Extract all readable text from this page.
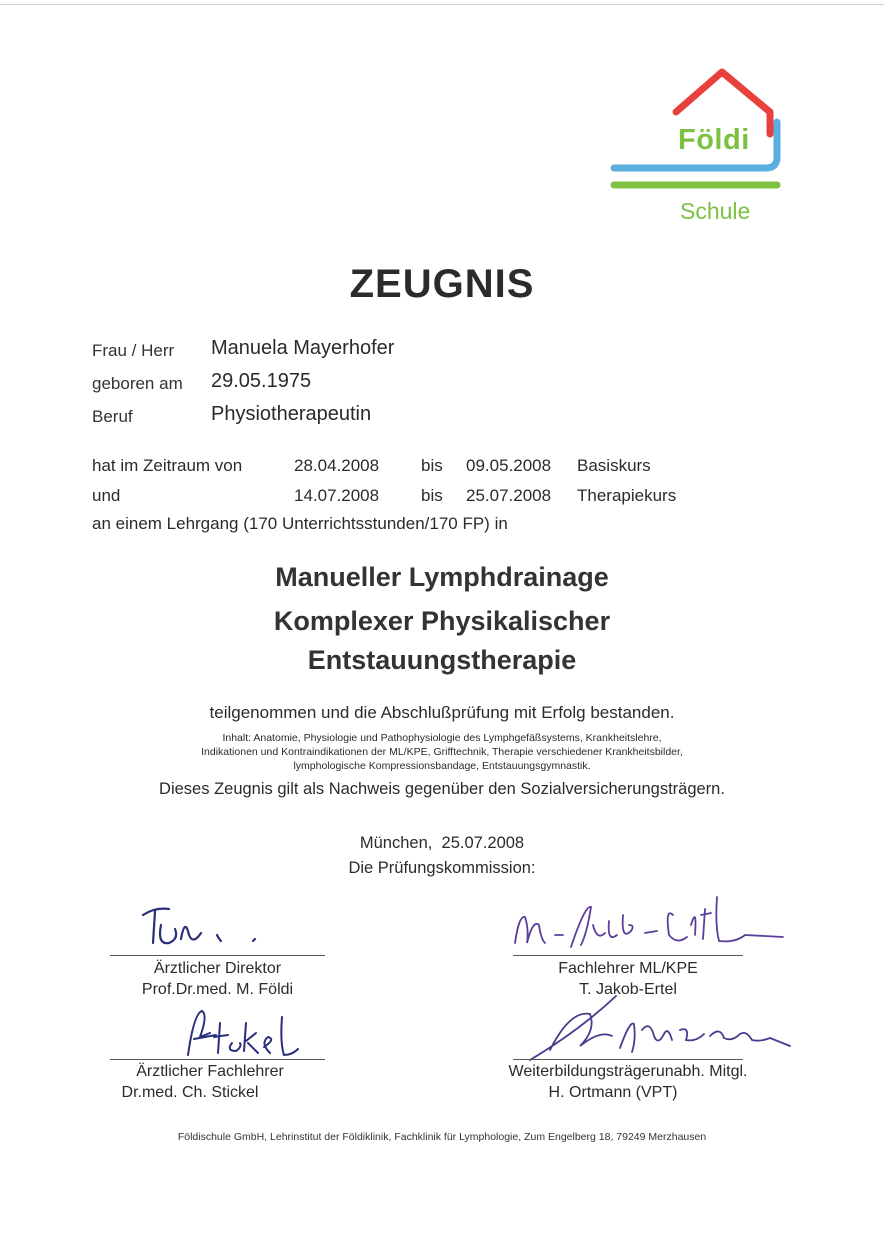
Földi
Schule
ZEUGNIS
Frau / Herr Manuela Mayerhofer
geboren am 29.05.1975
Beruf	Physiotherapeutin
hat im Zeitraum von	28.04.2008 bis 09.05.2008 Basiskurs
und	14.07.2008 bis 25.07.2008 Therapiekurs
an einem Lehrgang (170 Unterrichtsstunden/170 FP) in
Manueller Lymphdrainage
Komplexer Physikalischer
Entstauungstherapie
teilgenommen und die Abschlußprüfung mit Erfolg bestanden.
Inhalt: Anatomie, Physiologie und Pathophysiologie des Lymphgefäßsystems, Krankheitslehre,
Indikationen und Kontraindikationen der ML/KPE, Grifftechnik, Therapie verschiedener Krankheitsbilder,
lymphologische Kompressionsbandage, Entstauungsgymnastik.
Dieses Zeugnis gilt als Nachweis gegenüber den Sozialversicherungsträgern.
München,  25.07.2008
Die Prüfungskommission:
Ärztlicher Direktor
Prof.Dr.med. M. Földi
Ärztlicher Fachlehrer
Dr.med. Ch. Stickel
Fachlehrer ML/KPE
T. Jakob-Ertel
Weiterbildungsträgerunabh. Mitgl.
H. Ortmann (VPT)
Földischule GmbH, Lehrinstitut der Földiklinik, Fachklinik für Lymphologie, Zum Engelberg 18, 79249 Merzhausen
